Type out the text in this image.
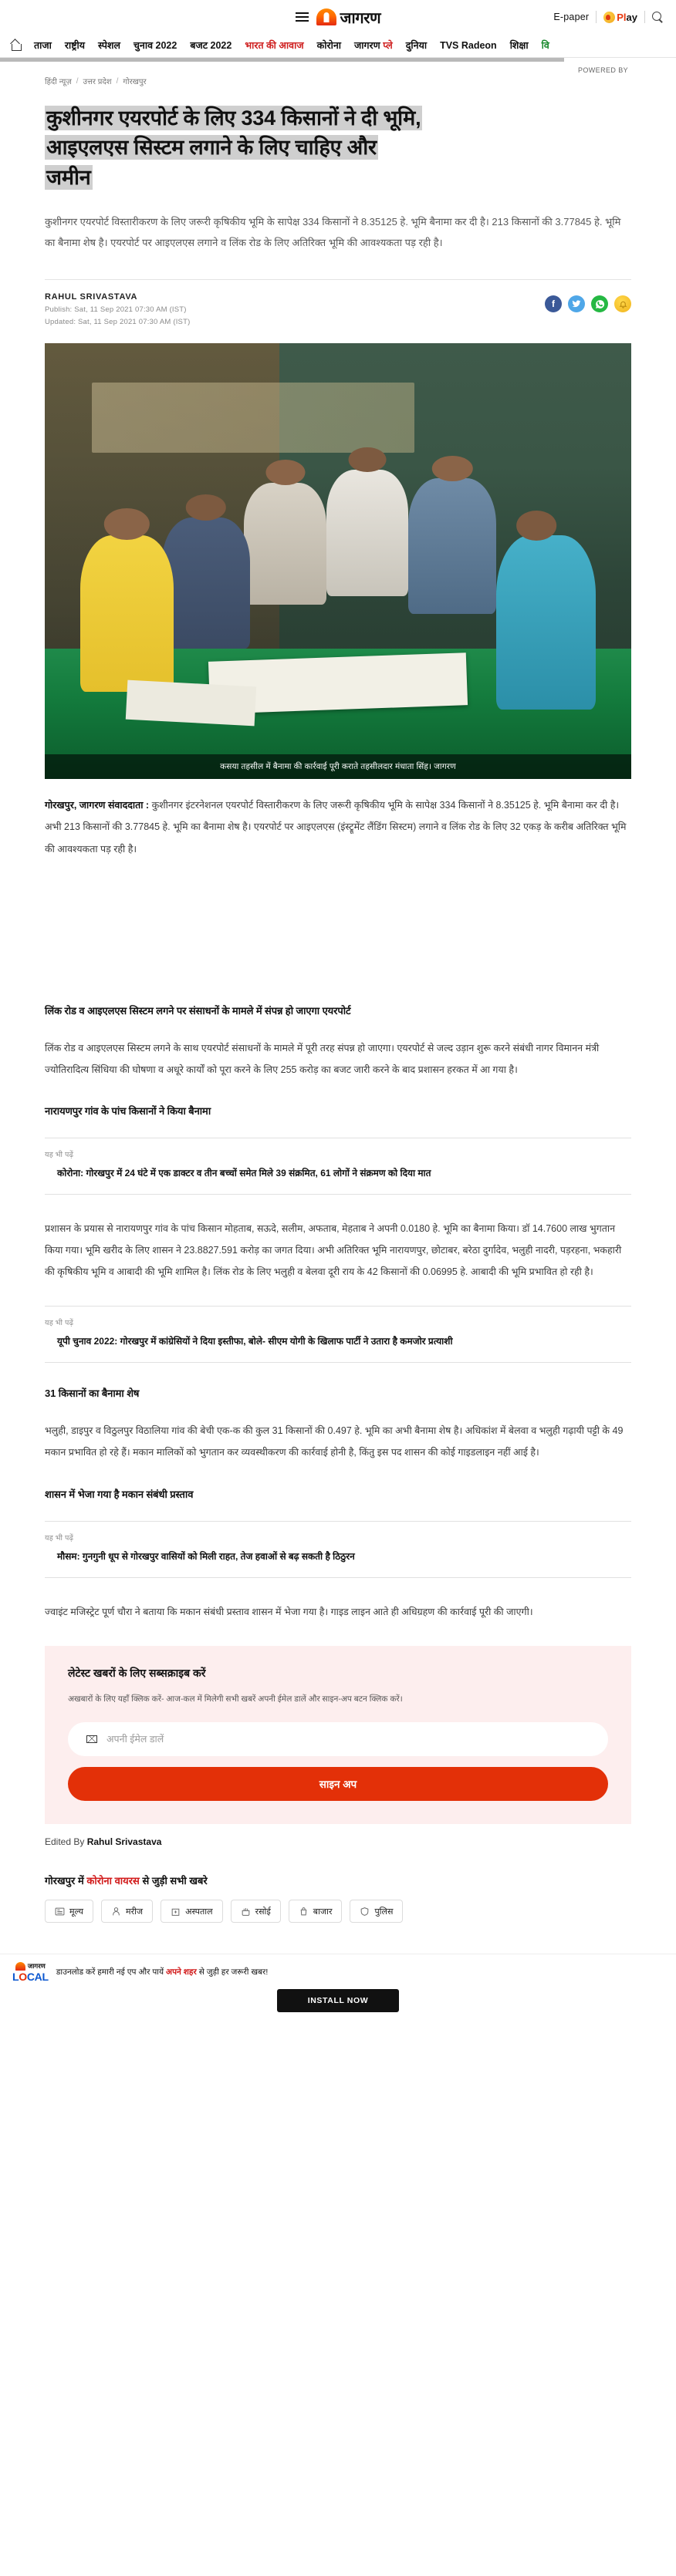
जागरण	E-paper	Play
ताजा राष्ट्रीय स्पेशल चुनाव 2022 बजट 2022 भारत की आवाज कोरोना जागरण प्ले दुनिया TVS Radeon शिक्षा वि
POWERED BY
हिंदी न्यूज़ / उत्तर प्रदेश / गोरखपुर
कुशीनगर एयरपोर्ट के लिए 334 किसानों ने दी भूमि,
आइएलएस सिस्टम लगाने के लिए चाहिए और
जमीन

कुशीनगर एयरपोर्ट विस्तारीकरण के लिए जरूरी कृषिकीय भूमि के सापेक्ष 334 किसानों ने 8.35125 हे. भूमि बैनामा कर दी है। 213 किसानों की 3.77845 हे. भूमि का बैनामा शेष है। एयरपोर्ट पर आइएलएस लगाने व लिंक रोड के लिए अतिरिक्त भूमि की आवश्यकता पड़ रही है।

RAHUL SRIVASTAVA
Publish: Sat, 11 Sep 2021 07:30 AM (IST)
Updated: Sat, 11 Sep 2021 07:30 AM (IST)
f
कसया तहसील में बैनामा की कार्रवाई पूरी कराते तहसीलदार मंधाता सिंह। जागरण
गोरखपुर, जागरण संवाददाता : कुशीनगर इंटरनेशनल एयरपोर्ट विस्तारीकरण के लिए जरूरी कृषिकीय भूमि के सापेक्ष 334 किसानों ने 8.35125 हे. भूमि बैनामा कर दी है। अभी 213 किसानों की 3.77845 हे. भूमि का बैनामा शेष है। एयरपोर्ट पर आइएलएस (इंस्ट्रूमेंट लैंडिंग सिस्टम) लगाने व लिंक रोड के लिए 32 एकड़ के करीब अतिरिक्त भूमि की आवश्यकता पड़ रही है।
लिंक रोड व आइएलएस सिस्टम लगने पर संसाधनों के मामले में संपन्न हो जाएगा एयरपोर्ट

लिंक रोड व आइएलएस सिस्टम लगने के साथ एयरपोर्ट संसाधनों के मामले में पूरी तरह संपन्न हो जाएगा। एयरपोर्ट से जल्द उड़ान शुरू करने संबंधी नागर विमानन मंत्री ज्योतिरादित्य सिंधिया की घोषणा व अधूरे कार्यों को पूरा करने के लिए 255 करोड़ का बजट जारी करने के बाद प्रशासन हरकत में आ गया है।

नारायणपुर गांव के पांच किसानों ने किया बैनामा
यह भी पढ़ें
कोरोना: गोरखपुर में 24 घंटे में एक डाक्टर व तीन बच्चों समेत मिले 39 संक्रमित, 61 लोगों ने संक्रमण को दिया मात

प्रशासन के प्रयास से नारायणपुर गांव के पांच किसान मोहताब, सऊदे, सलीम, अफताब, मेहताब ने अपनी 0.0180 हे. भूमि का बैनामा किया। डॉ 14.7600 लाख भुगतान किया गया। भूमि खरीद के लिए शासन ने 23.8827.591 करोड़ का जगत दिया। अभी अतिरिक्त भूमि नारायणपुर, छोटाबर, बरेठा दुर्गादेव, भलुही नादरी, पड़रहना, भकहारी की कृषिकीय भूमि व आबादी की भूमि शामिल है। लिंक रोड के लिए भलुही व बेलवा दूरी राय के 42 किसानों की 0.06995 हे. आबादी की भूमि प्रभावित हो रही है।

यह भी पढ़ें
यूपी चुनाव 2022: गोरखपुर में कांग्रेसियों ने दिया इस्तीफा, बोले- सीएम योगी के खिलाफ पार्टी ने उतारा है कमजोर प्रत्याशी
31 किसानों का बैनामा शेष

भलुही, डाइपुर व विठुलपुर विठालिया गांव की बेची एक-क की कुल 31 किसानों की 0.497 हे. भूमि का अभी बैनामा शेष है। अधिकांश में बेलवा व भलुही गढ़ायी पट्टी के 49 मकान प्रभावित हो रहे हैं। मकान मालिकों को भुगतान कर व्यवस्थीकरण की कार्रवाई होनी है, किंतु इस पद शासन की कोई गाइडलाइन नहीं आई है।

शासन में भेजा गया है मकान संबंधी प्रस्ताव
यह भी पढ़ें
मौसम: गुनगुनी धूप से गोरखपुर वासियों को मिली राहत, तेज हवाओं से बढ़ सकती है ठिठुरन

ज्वाइंट मजिस्ट्रेट पूर्ण चौरा ने बताया कि मकान संबंधी प्रस्ताव शासन में भेजा गया है। गाइड लाइन आते ही अधिग्रहण की कार्रवाई पूरी की जाएगी।

लेटेस्ट खबरों के लिए सब्सक्राइब करें
अखबारों के लिए यहाँ क्लिक करें- आज-कल में मिलेगी सभी खबरें अपनी ईमेल डालें और साइन-अप बटन क्लिक करें।
अपनी ईमेल डालें
साइन अप
Edited By Rahul Srivastava
गोरखपुर में कोरोना वायरस से जुड़ी सभी खबरे
मूल्य	मरीज	अस्पताल	रसोई	बाजार	पुलिस
जागरण
LOCAL डाउनलोड करें हमारी नई एप और पायें अपने शहर से जुड़ी हर जरूरी खबर!
INSTALL NOW
